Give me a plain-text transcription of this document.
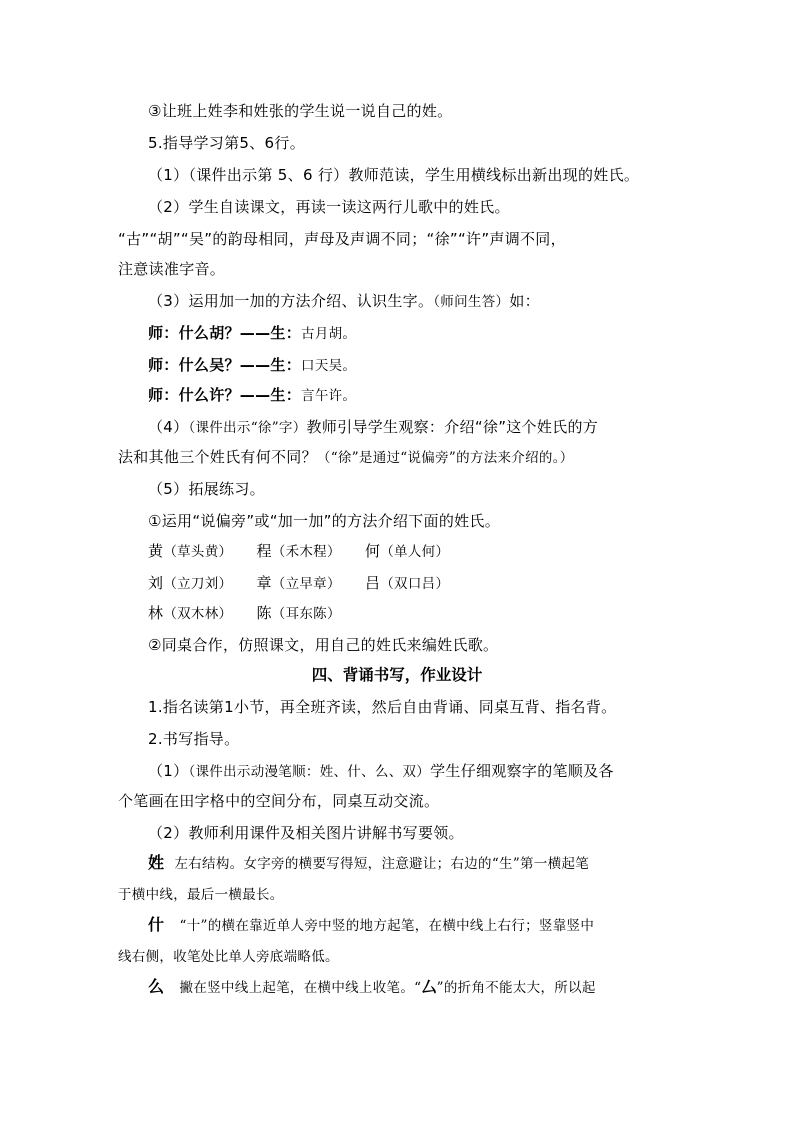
③让班上姓李和姓张的学生说一说自己的姓。
5.指导学习第5、6行。
（1）（课件出示第 5、6 行）教师范读，学生用横线标出新出现的姓氏。
（2）学生自读课文，再读一读这两行儿歌中的姓氏。
“古”“胡”“吴”的韵母相同，声母及声调不同；“徐”“许”声调不同，
注意读准字音。
（3）运用加一加的方法介绍、认识生字。（师问生答）如：
师：什么胡？——生：古月胡。
师：什么吴？——生：口天吴。
师：什么许？——生：言午许。
（4）（课件出示“徐”字）教师引导学生观察：介绍“徐”这个姓氏的方
法和其他三个姓氏有何不同？（“徐”是通过“说偏旁”的方法来介绍的。）
（5）拓展练习。
①运用“说偏旁”或“加一加”的方法介绍下面的姓氏。
黄（草头黄） 程（禾木程） 何（单人何）
刘（立刀刘） 章（立早章） 吕（双口吕）
林（双木林） 陈（耳东陈）
②同桌合作，仿照课文，用自己的姓氏来编姓氏歌。
四、背诵书写，作业设计
1.指名读第1小节，再全班齐读，然后自由背诵、同桌互背、指名背。
2.书写指导。
（1）（课件出示动漫笔顺：姓、什、么、双）学生仔细观察字的笔顺及各
个笔画在田字格中的空间分布，同桌互动交流。
（2）教师利用课件及相关图片讲解书写要领。
姓 左右结构。女字旁的横要写得短，注意避让；右边的“生”第一横起笔
于横中线，最后一横最长。
什 “十”的横在靠近单人旁中竖的地方起笔，在横中线上右行；竖靠竖中
线右侧，收笔处比单人旁底端略低。
么 撇在竖中线上起笔，在横中线上收笔。“厶”的折角不能太大，所以起
